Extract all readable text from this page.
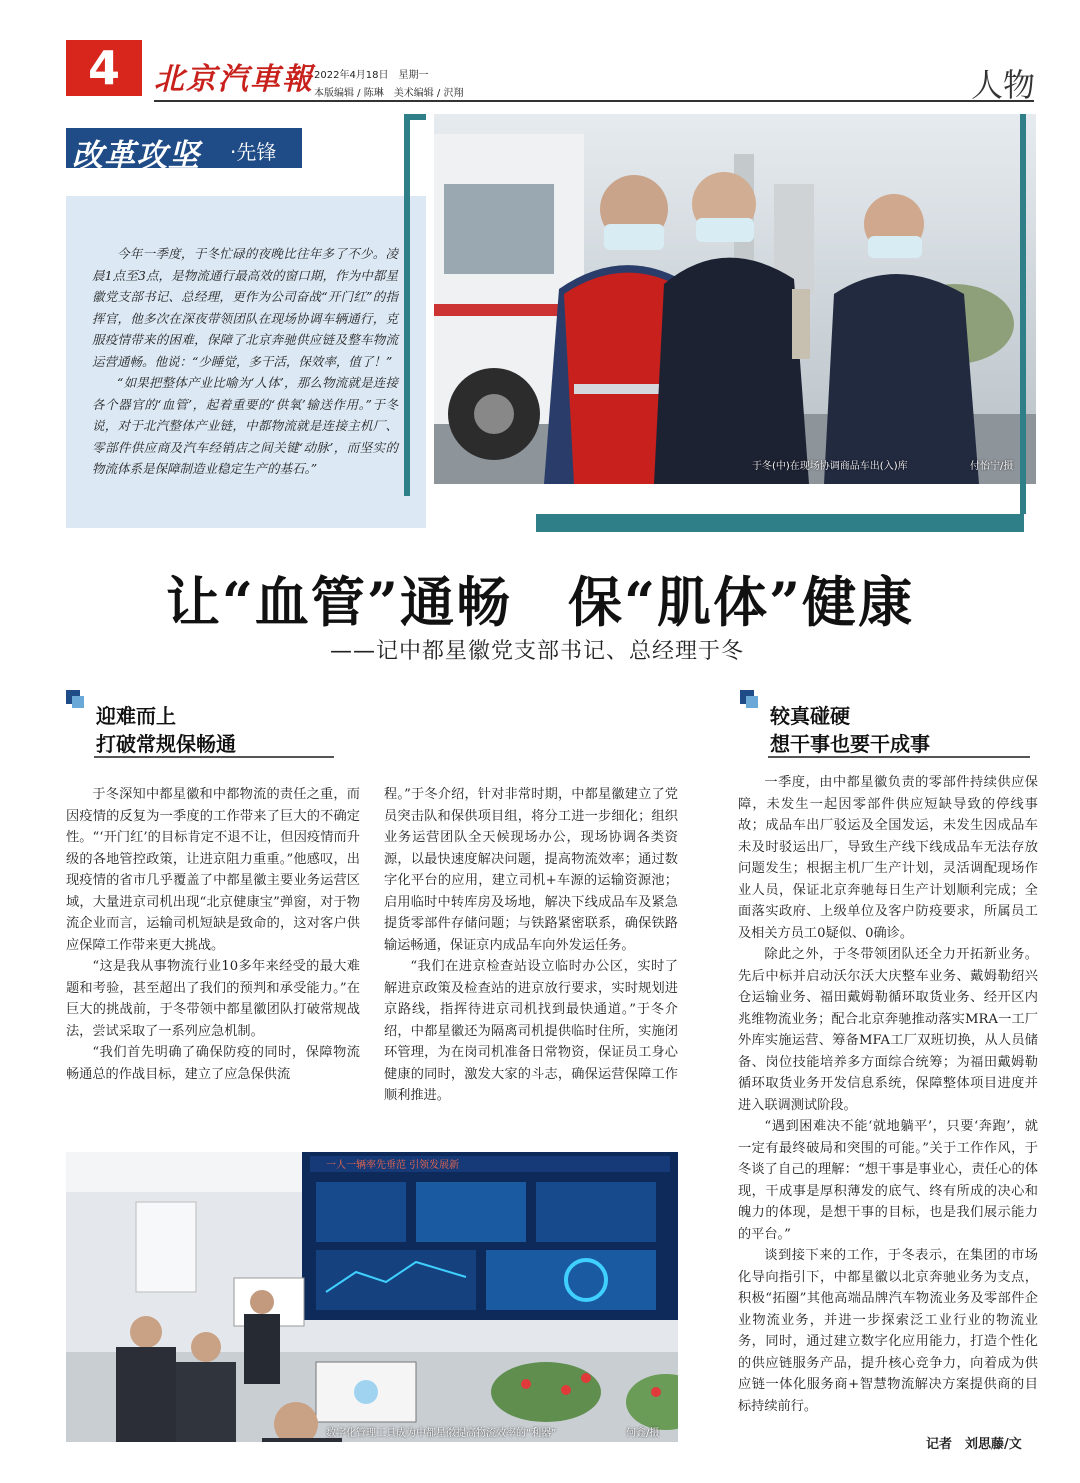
4	北京汽車報 2022年4月18日　星期一
本版编辑 / 陈琳　美术编辑 / 沢翔	人物
改革攻坚 ·先锋

今年一季度，于冬忙碌的夜晚比往年多了不少。凌晨1点至3点，是物流通行最高效的窗口期，作为中都星徽党支部书记、总经理，更作为公司奋战“开门红”的指挥官，他多次在深夜带领团队在现场协调车辆通行，克服疫情带来的困难，保障了北京奔驰供应链及整车物流运营通畅。他说：“少睡觉，多干活，保效率，值了！”

“如果把整体产业比喻为‘人体’，那么物流就是连接各个器官的‘血管’，起着重要的‘供氧’输送作用。”于冬说，对于北汽整体产业链，中都物流就是连接主机厂、零部件供应商及汽车经销店之间关键‘动脉’，而坚实的物流体系是保障制造业稳定生产的基石。”	于冬(中)在现场协调商品车出(入)库	付怡宁/摄
让“血管”通畅　保“肌体”健康
——记中都星徽党支部书记、总经理于冬
迎难而上
打破常规保畅通
较真碰硬
想干事也要干成事

于冬深知中都星徽和中都物流的责任之重，而因疫情的反复为一季度的工作带来了巨大的不确定性。“‘开门红’的目标肯定不退不让，但因疫情而升级的各地管控政策，让进京阻力重重。”他感叹，出现疫情的省市几乎覆盖了中都星徽主要业务运营区域，大量进京司机出现“北京健康宝”弹窗，对于物流企业而言，运输司机短缺是致命的，这对客户供应保障工作带来更大挑战。

“这是我从事物流行业10多年来经受的最大难题和考验，甚至超出了我们的预判和承受能力。”在巨大的挑战前，于冬带领中都星徽团队打破常规战法，尝试采取了一系列应急机制。

“我们首先明确了确保防疫的同时，保障物流畅通总的作战目标，建立了应急保供流

程。”于冬介绍，针对非常时期，中都星徽建立了党员突击队和保供项目组，将分工进一步细化；组织业务运营团队全天候现场办公，现场协调各类资源，以最快速度解决问题，提高物流效率；通过数字化平台的应用，建立司机+车源的运输资源池；启用临时中转库房及场地，解决下线成品车及紧急提货零部件存储问题；与铁路紧密联系，确保铁路输运畅通，保证京内成品车向外发运任务。

“我们在进京检查站设立临时办公区，实时了解进京政策及检查站的进京放行要求，实时规划进京路线，指挥待进京司机找到最快通道。”于冬介绍，中都星徽还为隔离司机提供临时住所，实施闭环管理，为在岗司机准备日常物资，保证员工身心健康的同时，激发大家的斗志，确保运营保障工作顺利推进。

一季度，由中都星徽负责的零部件持续供应保障，未发生一起因零部件供应短缺导致的停线事故；成品车出厂驳运及全国发运，未发生因成品车未及时驳运出厂，导致生产线下线成品车无法存放问题发生；根据主机厂生产计划，灵活调配现场作业人员，保证北京奔驰每日生产计划顺利完成；全面落实政府、上级单位及客户防疫要求，所属员工及相关方员工0疑似、0确诊。

除此之外，于冬带领团队还全力开拓新业务。先后中标并启动沃尔沃大庆整车业务、戴姆勒绍兴仓运输业务、福田戴姆勒循环取货业务、经开区内兆维物流业务；配合北京奔驰推动落实MRA一工厂外库实施运营、筹备MFA工厂双班切换，从人员储备、岗位技能培养多方面综合统筹；为福田戴姆勒循环取货业务开发信息系统，保障整体项目进度并进入联调测试阶段。

“遇到困难决不能‘就地躺平’，只要‘奔跑’，就一定有最终破局和突围的可能。”关于工作作风，于冬谈了自己的理解：“想干事是事业心，责任心的体现，干成事是厚积薄发的底气、终有所成的决心和魄力的体现，是想干事的目标，也是我们展示能力的平台。”

谈到接下来的工作，于冬表示，在集团的市场化导向指引下，中都星徽以北京奔驰业务为支点，积极“拓圈”其他高端品牌汽车物流业务及零部件企业物流业务，并进一步探索泛工业行业的物流业务，同时，通过建立数字化应用能力，打造个性化的供应链服务产品，提升核心竞争力，向着成为供应链一体化服务商+智慧物流解决方案提供商的目标持续前行。

一人一辆率先垂范 引领发展新
数字化管理工具成为中都星徽提高物流效率的“利器”	何鑫/摄
记者　刘思藤/文
